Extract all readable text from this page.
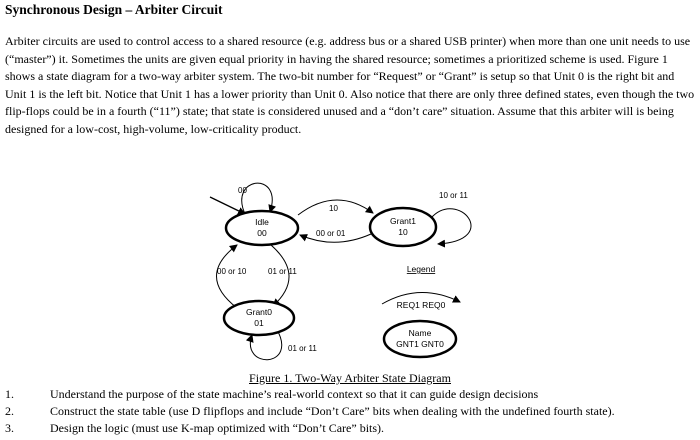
Synchronous Design – Arbiter Circuit
Arbiter circuits are used to control access to a shared resource (e.g. address bus or a shared USB printer) when more than one unit needs to use (“master”) it. Sometimes the units are given equal priority in having the shared resource; sometimes a prioritized scheme is used. Figure 1 shows a state diagram for a two-way arbiter system. The two-bit number for “Request” or “Grant” is setup so that Unit 0 is the right bit and Unit 1 is the left bit. Notice that Unit 1 has a lower priority than Unit 0. Also notice that there are only three defined states, even though the two flip-flops could be in a fourth (“11”) state; that state is considered unused and a “don’t care” situation. Assume that this arbiter will is being designed for a low-cost, high-volume, low-criticality product.
00
10
00 or 01
10 or 11
00 or 10	01 or 11
01 or 11
Idle
00
Grant1
10
Grant0
01
Legend
REQ1 REQ0
Name
GNT1 GNT0
Figure 1. Two-Way Arbiter State Diagram
1.	Understand the purpose of the state machine’s real-world context so that it can guide design decisions
2.	Construct the state table (use D flipflops and include “Don’t Care” bits when dealing with the undefined fourth state).
3.	Design the logic (must use K-map optimized with “Don’t Care” bits).
